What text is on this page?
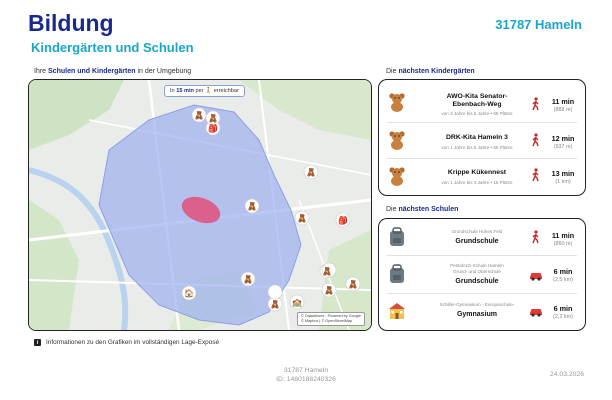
Bildung
Kindergärten und Schulen
31787 Hameln
Ihre Schulen und Kindergärten in der Umgebung
🧸
🎒
🧸
🧸
🧸
🧸	🎒
🧸
🧸 🏫
🧸
🧸
🧸
🏠
In 15 min per 🚶 erreichbar
© Datadrivers - Powered by Google
© Mapbox | © OpenStreetMap
i	Informationen zu den Grafiken im vollständigen Lage-Exposé
Die nächsten Kindergärten
AWO-Kita Senator-
Ebenbach-Weg
von 3 Jahre bis 6 Jahre • 68 Plätze
11 min
(888 m)
DRK-Kita Hameln 3
von 1 Jahre bis 6 Jahre • 55 Plätze
12 min
(937 m)
Krippe Kükennest
von 1 Jahre bis 3 Jahre • 15 Plätze
13 min
(1 km)
Die nächsten Schulen
Grundschule Hohes Feld
Grundschule
11 min
(860 m)
Pestalozzi-Schule Hameln
Grund- und Oberschule
Grundschule
6 min
(2,5 km)
Schiller-Gymnasium - Europaschule-
Gymnasium
6 min
(2,2 km)
31787 Hameln
ID: 1480188240326
24.03.2026
